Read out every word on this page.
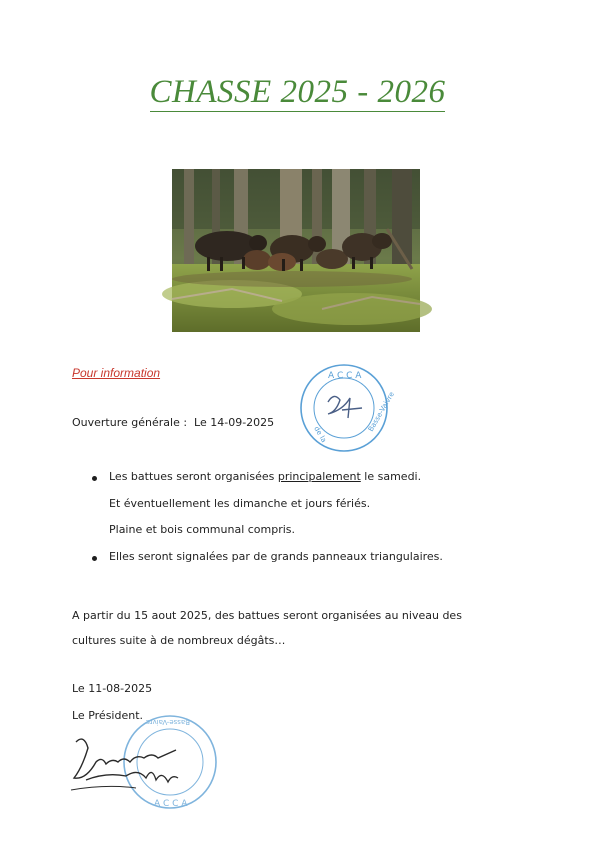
CHASSE 2025 - 2026
Pour information	A C C A
Basse-Vaivre
de la
Ouverture générale : Le 14-09-2025
Les battues seront organisées principalement le samedi.
Et éventuellement les dimanche et jours fériés.
Plaine et bois communal compris.
Elles seront signalées par de grands panneaux triangulaires.
A partir du 15 aout 2025, des battues seront organisées au niveau des cultures suite à de nombreux dégâts…
Le 11-08-2025
Le Président.
A C C A
Basse-Vaivre
